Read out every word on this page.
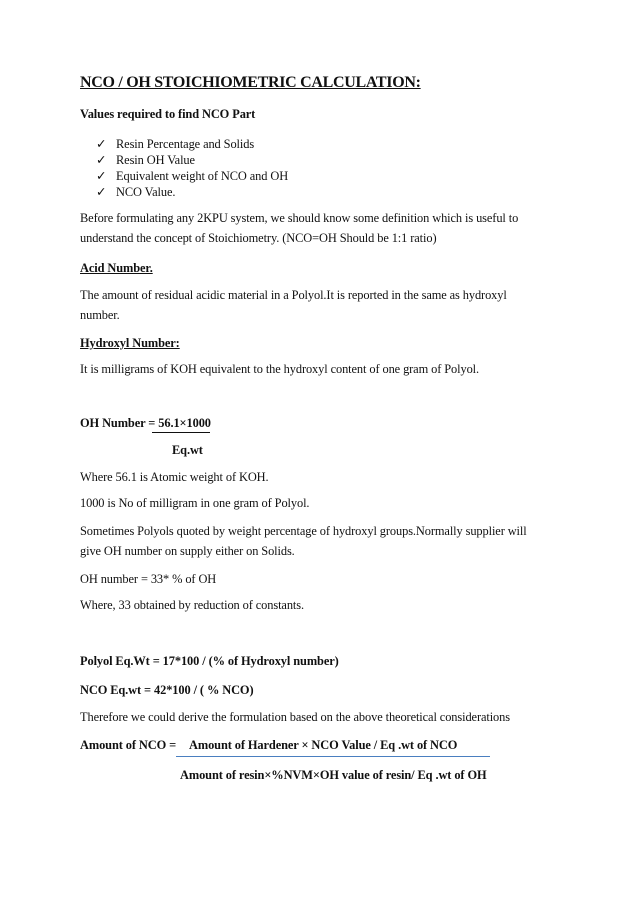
NCO / OH STOICHIOMETRIC CALCULATION:
Values required to find NCO Part
✓ Resin Percentage and Solids
✓ Resin OH Value
✓ Equivalent weight of NCO and OH
✓ NCO Value.
Before formulating any 2KPU system, we should know some definition which is useful to
understand the concept of Stoichiometry. (NCO=OH Should be 1:1 ratio)
Acid Number.
The amount of residual acidic material in a Polyol.It is reported in the same as hydroxyl
number.
Hydroxyl Number:
It is milligrams of KOH equivalent to the hydroxyl content of one gram of Polyol.
OH Number = 56.1×1000
Eq.wt
Where 56.1 is Atomic weight of KOH.
1000 is No of milligram in one gram of Polyol.
Sometimes Polyols quoted by weight percentage of hydroxyl groups.Normally supplier will
give OH number on supply either on Solids.
OH number = 33* % of OH
Where, 33 obtained by reduction of constants.
Polyol Eq.Wt = 17*100 / (% of Hydroxyl number)
NCO Eq.wt = 42*100 / ( % NCO)
Therefore we could derive the formulation based on the above theoretical considerations
Amount of NCO = Amount of Hardener × NCO Value / Eq .wt of NCO
Amount of resin×%NVM×OH value of resin/ Eq .wt of OH
